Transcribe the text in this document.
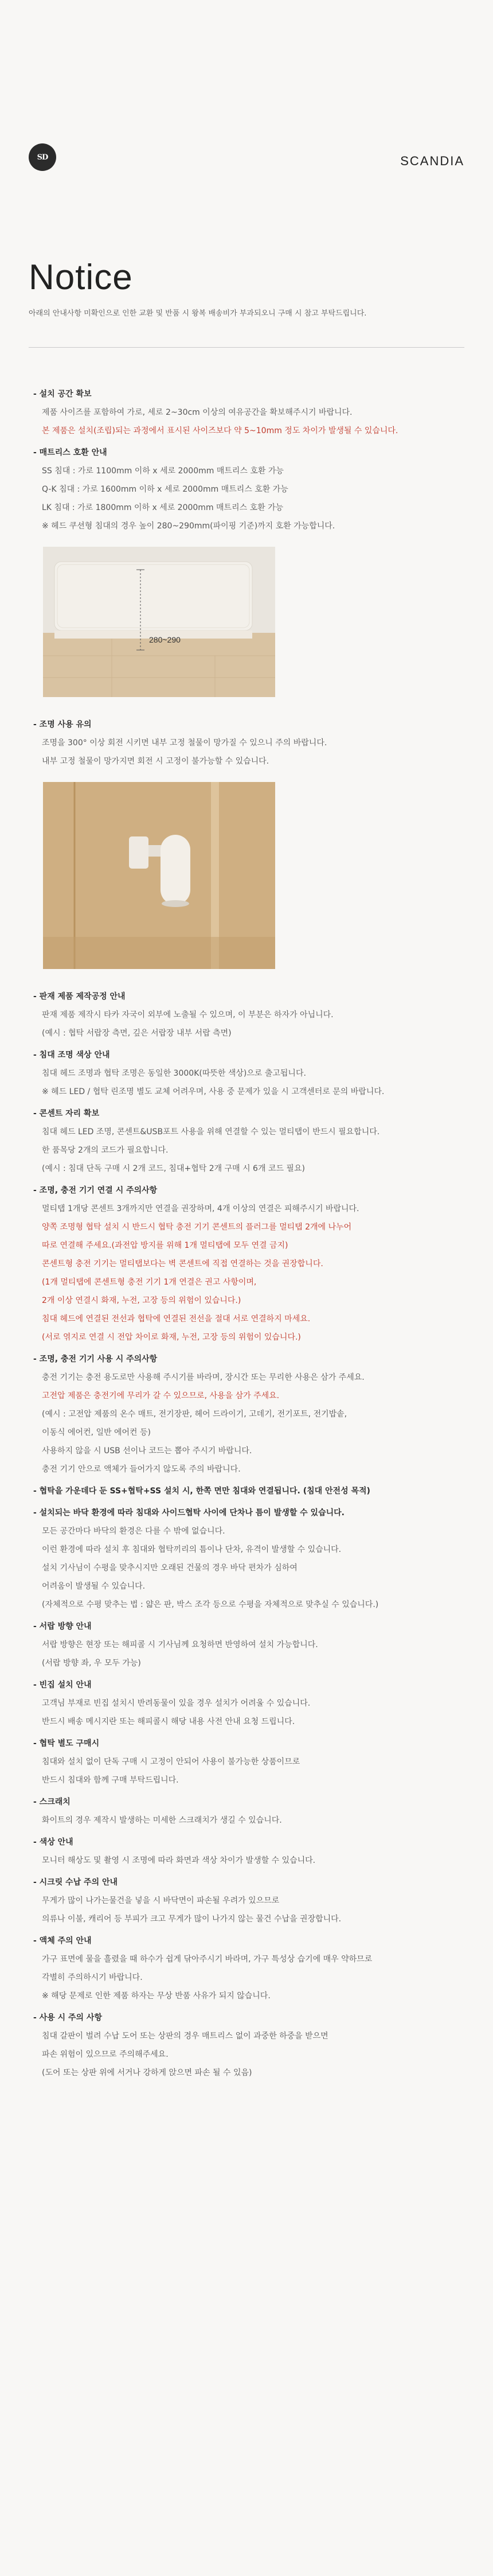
SD	SCANDIA
Notice
아래의 안내사항 미확인으로 인한 교환 및 반품 시 왕복 배송비가 부과되오니 구매 시 참고 부탁드립니다.
- 설치 공간 확보
제품 사이즈를 포함하여 가로, 세로 2~30cm 이상의 여유공간을 확보해주시기 바랍니다.
본 제품은 설치(조립)되는 과정에서 표시된 사이즈보다 약 5~10mm 정도 차이가 발생될 수 있습니다.
- 매트리스 호환 안내
SS 침대 : 가로 1100mm 이하 x 세로 2000mm 매트리스 호환 가능
Q-K 침대 : 가로 1600mm 이하 x 세로 2000mm 매트리스 호환 가능
LK 침대 : 가로 1800mm 이하 x 세로 2000mm 매트리스 호환 가능
※ 헤드 쿠션형 침대의 경우 높이 280~290mm(파이핑 기준)까지 호환 가능합니다.
280~290
- 조명 사용 유의
조명을 300° 이상 회전 시키면 내부 고정 철물이 망가질 수 있으니 주의 바랍니다.
내부 고정 철물이 망가지면 회전 시 고정이 불가능할 수 있습니다.
- 판재 제품 제작공정 안내
판재 제품 제작시 타카 자국이 외부에 노출될 수 있으며, 이 부분은 하자가 아닙니다.
(예시 : 협탁 서랍장 측면, 깊은 서랍장 내부 서랍 측면)
- 침대 조명 색상 안내
침대 헤드 조명과 협탁 조명은 동일한 3000K(따뜻한 색상)으로 출고됩니다.
※ 헤드 LED / 협탁 린조명 별도 교체 어려우며, 사용 중 문제가 있을 시 고객센터로 문의 바랍니다.
- 콘센트 자리 확보
침대 헤드 LED 조명, 콘센트&USB포트 사용을 위해 연결할 수 있는 멀티탭이 반드시 필요합니다.
한 품목당 2개의 코드가 필요합니다.
(예시 : 침대 단독 구매 시 2개 코드, 침대+협탁 2개 구매 시 6개 코드 필요)
- 조명, 충전 기기 연결 시 주의사항
멀티탭 1개당 콘센트 3개까지만 연결을 권장하며, 4개 이상의 연결은 피해주시기 바랍니다.
양쪽 조명형 협탁 설치 시 반드시 협탁 충전 기기 콘센트의 플러그를 멀티탭 2개에 나누어
따로 연결해 주세요.(과전압 방지를 위해 1개 멀티탭에 모두 연결 금지)
콘센트형 충전 기기는 멀티탭보다는 벽 콘센트에 직접 연결하는 것을 권장합니다.
(1개 멀티탭에 콘센트형 충전 기기 1개 연결은 권고 사항이며,
2개 이상 연결시 화재, 누전, 고장 등의 위험이 있습니다.)
침대 헤드에 연결된 전선과 협탁에 연결된 전선을 절대 서로 연결하지 마세요.
(서로 엮지로 연결 시 전압 차이로 화재, 누전, 고장 등의 위험이 있습니다.)
- 조명, 충전 기기 사용 시 주의사항
충전 기기는 충전 용도로만 사용해 주시기를 바라며, 장시간 또는 무리한 사용은 삼가 주세요.
고전압 제품은 충전기에 무리가 갈 수 있으므로, 사용을 삼가 주세요.
(예시 : 고전압 제품의 온수 매트, 전기장판, 헤어 드라이기, 고데기, 전기포트, 전기밥솥,
이동식 에어컨, 일반 에어컨 등)
사용하지 않을 시 USB 선이나 코드는 뽑아 주시기 바랍니다.
충전 기기 안으로 액체가 들어가지 않도록 주의 바랍니다.
- 협탁을 가운데다 둔 SS+협탁+SS 설치 시, 한쪽 면만 침대와 연결됩니다. (침대 안전성 목적)
- 설치되는 바닥 환경에 따라 침대와 사이드협탁 사이에 단차나 틈이 발생할 수 있습니다.
모든 공간마다 바닥의 환경은 다를 수 밖에 없습니다.
이런 환경에 따라 설치 후 침대와 협탁끼리의 틈이나 단차, 유격이 발생할 수 있습니다.
설치 기사님이 수평을 맞추시지만 오래된 건물의 경우 바닥 편차가 심하여
어려움이 발생될 수 있습니다.
(자체적으로 수평 맞추는 법 : 얇은 판, 박스 조각 등으로 수평을 자체적으로 맞추실 수 있습니다.)
- 서랍 방향 안내
서랍 방향은 현장 또는 해피콜 시 기사님께 요청하면 반영하여 설치 가능합니다.
(서랍 방향 좌, 우 모두 가능)
- 빈집 설치 안내
고객님 부재로 빈집 설치시 반려동물이 있을 경우 설치가 어려울 수 있습니다.
반드시 배송 메시지란 또는 해피콜시 해당 내용 사전 안내 요청 드립니다.
- 협탁 별도 구매시
침대와 설치 없이 단독 구매 시 고정이 안되어 사용이 불가능한 상품이므로
반드시 침대와 함께 구매 부탁드립니다.
- 스크래치
화이트의 경우 제작시 발생하는 미세한 스크래치가 생길 수 있습니다.
- 색상 안내
모니터 해상도 및 촬영 시 조명에 따라 화면과 색상 차이가 발생할 수 있습니다.
- 시크릿 수납 주의 안내
무게가 많이 나가는물건을 넣을 시 바닥면이 파손될 우려가 있으므로
의류나 이불, 캐리어 등 부피가 크고 무게가 많이 나가지 않는 물건 수납을 권장합니다.
- 액체 주의 안내
가구 표면에 물을 흘렸을 때 하수가 쉽게 닦아주시기 바라며, 가구 특성상 습기에 매우 약하므로
각별히 주의하시기 바랍니다.
※ 해당 문제로 인한 제품 하자는 무상 반품 사유가 되지 않습니다.
- 사용 시 주의 사항
침대 갈판이 벌려 수납 도어 또는 상판의 경우 매트리스 없이 과중한 하중을 받으면
파손 위험이 있으므로 주의해주세요.
(도어 또는 상판 위에 서거나 강하게 앉으면 파손 될 수 있음)
